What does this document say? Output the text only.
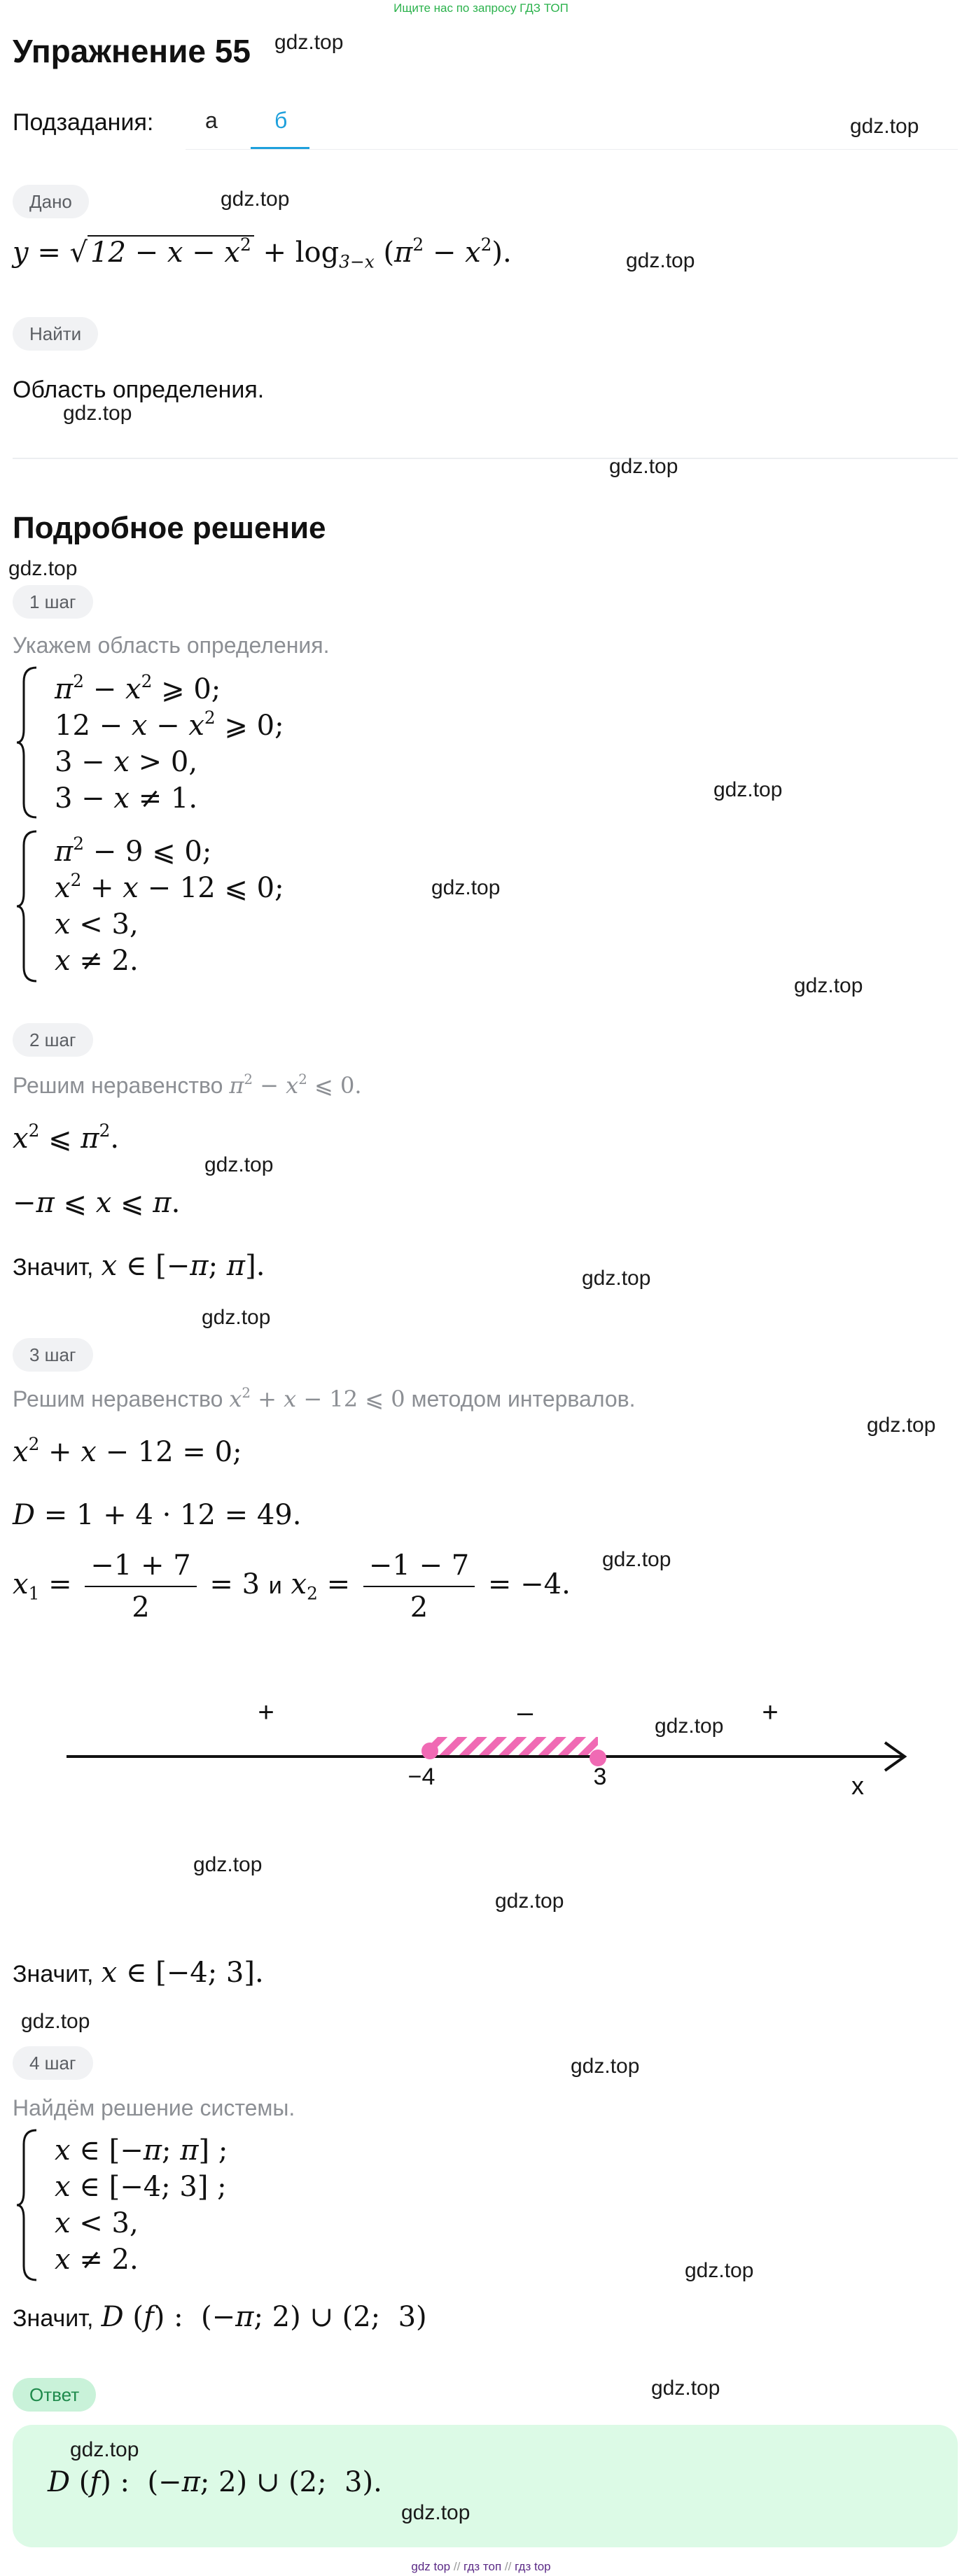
Ищите нас по запросу ГДЗ ТОП
Упражнение 55
Подзадания: а	б
Дано
y = √ $12 - x - x^2 + \log_{3-x} (\pi^2 - x^2)$.
Найти
Область определения.
Подробное решение
1 шаг
Укажем область определения.
$\pi^2 - x^2$ ⩾ 0;
$12 - x - x^2$ ⩾ 0;
3 − x > 0,
3 − x ≠ 1.
$\pi^2 - 9$ ⩽ 0;
$x^2 + x - 12$ ⩽ 0;
x < 3,
x ≠ 2.
2 шаг
Решим неравенство $\pi^2 - x^2$ ⩽ 0.
$x^2$ ⩽ $\pi^2$.
−π ⩽ x ⩽ π.
Значит, x ∈ [−π; π].
3 шаг
Решим неравенство $x^2 + x - 12$ ⩽ 0 методом интервалов.
$x^2 + x - 12 = 0$;
D = 1 + 4 · 12 = 49.
$x_1 = \frac{-1 + 7}{2} = 3$ и $x_2 = \frac{-1 - 7}{2} = -4$.
+	–	+
−4	3	x
Значит, x ∈ [−4; 3].
4 шаг
Найдём решение системы.
x ∈ [−π; π] ;
x ∈ [−4; 3] ;
x < 3,
x ≠ 2.
Значит, D (f) :  (−π; 2) ∪ (2;  3)
Ответ
D (f) :  (−π; 2) ∪ (2;  3).
gdz.top
gdz.top
gdz.top
gdz.top
gdz.top
gdz.top
gdz.top
gdz.top
gdz.top
gdz.top
gdz.top
gdz.top
gdz.top
gdz.top
gdz.top
gdz.top
gdz.top
gdz.top
gdz.top
gdz.top
gdz.top
gdz.top
gdz.top
gdz.top
gdz top // гдз топ // гдз top
